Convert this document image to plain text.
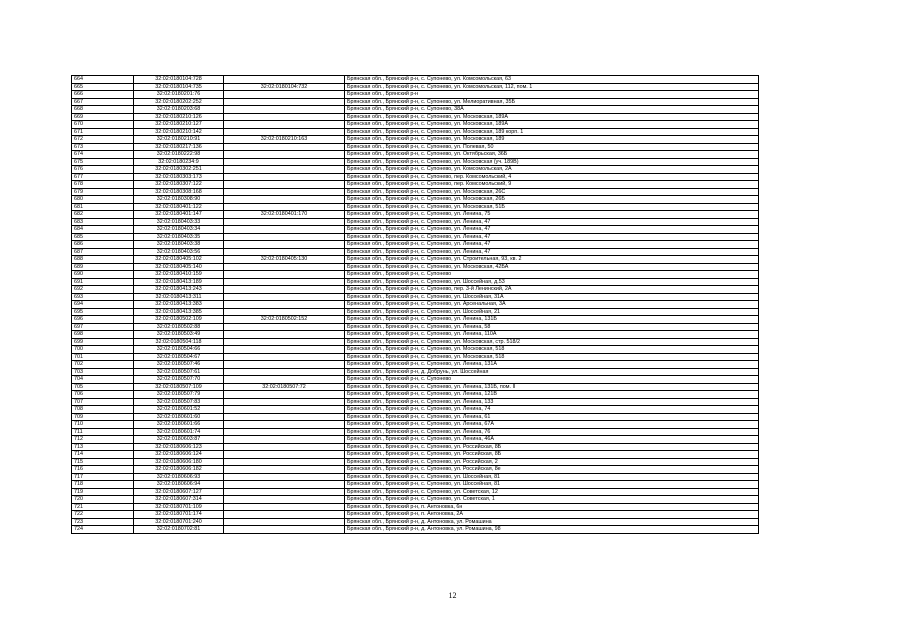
664	32:02:0180104:728		Брянская обл., Брянский р-н, с. Супонево, ул. Комсомольская, 63
665	32:02:0180104:735	32:02:0180104:732	Брянская обл., Брянский р-н, с. Супонево, ул. Комсомольская, 112, пом. 1
666	32:02:0180201:76		Брянская обл., Брянский р-н
667	32:02:0180202:252		Брянская обл., Брянский р-н, с. Супонево, ул. Мелиоративная, 35Б
668	32:02:0180203:68		Брянская обл., Брянский р-н, с. Супонево, 38А
669	32:02:0180210:126		Брянская обл., Брянский р-н, с. Супонево, ул. Московская, 189А
670	32:02:0180210:127		Брянская обл., Брянский р-н, с. Супонево, ул. Московская, 189А
671	32:02:0180210:142		Брянская обл., Брянский р-н, с. Супонево, ул. Московская, 189 корп. 1
672	32:02:0180210:91	32:02:0180210:163	Брянская обл., Брянский р-н, с. Супонево, ул. Московская, 189
673	32:02:0180217:136		Брянская обл., Брянский р-н, с. Супонево, ул. Полевая, 50
674	32:02:0180222:98		Брянская обл., Брянский р-н, с. Супонево, ул. Октябрьская, 36Б
675	32:02:0180234:9		Брянская обл., Брянский р-н, с. Супонево, ул. Московская (уч. 189В)
676	32:02:0180302:251		Брянская обл., Брянский р-н, с. Супонево, ул. Комсомольская, 2А
677	32:02:0180303:173		Брянская обл., Брянский р-н, с. Супонево, пер. Комсомольский, 4
678	32:02:0180307:122		Брянская обл., Брянский р-н, с. Супонево, пер. Комсомольский, 9
679	32:02:0180308:168		Брянская обл., Брянский р-н, с. Супонево, ул. Московская, 26С
680	32:02:0180308:90		Брянская обл., Брянский р-н, с. Супонево, ул. Московская, 26Б
681	32:02:0180401:122		Брянская обл., Брянский р-н, с. Супонево, ул. Московская, 51Б
682	32:02:0180401:147	32:02:0180401:170	Брянская обл., Брянский р-н, с. Супонево, ул. Ленина, 75
683	32:02:0180403:33		Брянская обл., Брянский р-н, с. Супонево, ул. Ленина, 47
684	32:02:0180403:34		Брянская обл., Брянский р-н, с. Супонево, ул. Ленина, 47
685	32:02:0180403:35		Брянская обл., Брянский р-н, с. Супонево, ул. Ленина, 47
686	32:02:0180403:38		Брянская обл., Брянский р-н, с. Супонево, ул. Ленина, 47
687	32:02:0180403:56		Брянская обл., Брянский р-н, с. Супонево, ул. Ленина, 47
688	32:02:0180405:102	32:02:0180405:130	Брянская обл., Брянский р-н, с. Супонево, ул. Строительная, 93, кв. 2
689	32:02:0180405:140		Брянская обл., Брянский р-н, с. Супонево, ул. Московская, 42БА
690	32:02:0180410:159		Брянская обл., Брянский р-н, с. Супонево
691	32:02:0180413:189		Брянская обл., Брянский р-н, с. Супонево, ул. Шоссейная, д.53
692	32:02:0180413:243		Брянская обл., Брянский р-н, с. Супонево, пер. 3-й Ленинский, 2А
693	32:02:0180413:311		Брянская обл., Брянский р-н, с. Супонево, ул. Шоссейная, 31А
694	32:02:0180413:383		Брянская обл., Брянский р-н, с. Супонево, ул. Арсенальная, 3А
695	32:02:0180413:385		Брянская обл., Брянский р-н, с. Супонево, ул. Шоссейная, 21
696	32:02:0180502:109	32:02:0180502:152	Брянская обл., Брянский р-н, с. Супонево, ул. Ленина, 131Б
697	32:02:0180502:88		Брянская обл., Брянский р-н, с. Супонево, ул. Ленина, 58
698	32:02:0180503:49		Брянская обл., Брянский р-н, с. Супонево, ул. Ленина, 110А
699	32:02:0180504:118		Брянская обл., Брянский р-н, с. Супонево, ул. Московская, стр. 518/2
700	32:02:0180504:66		Брянская обл., Брянский р-н, с. Супонево, ул. Московская, 518
701	32:02:0180504:67		Брянская обл., Брянский р-н, с. Супонево, ул. Московская, 518
702	32:02:0180507:46		Брянская обл., Брянский р-н, с. Супонево, ул. Ленина, 131А
703	32:02:0180507:61		Брянская обл., Брянский р-н, д. Добрунь, ул. Шоссейная
704	32:02:0180507:70		Брянская обл., Брянский р-н, с. Супонево
705	32:02:0180507:109	32:02:0180507:72	Брянская обл., Брянский р-н, с. Супонево, ул. Ленина, 131Б, пом. II
706	32:02:0180507:79		Брянская обл., Брянский р-н, с. Супонево, ул. Ленина, 121В
707	32:02:0180507:83		Брянская обл., Брянский р-н, с. Супонево, ул. Ленина, 133
708	32:02:0180601:52		Брянская обл., Брянский р-н, с. Супонево, ул. Ленина, 74
709	32:02:0180601:60		Брянская обл., Брянский р-н, с. Супонево, ул. Ленина, 61
710	32:02:0180601:66		Брянская обл., Брянский р-н, с. Супонево, ул. Ленина, 67А
711	32:02:0180601:74		Брянская обл., Брянский р-н, с. Супонево, ул. Ленина, 76
712	32:02:0180603:87		Брянская обл., Брянский р-н, с. Супонево, ул. Ленина, 46А
713	32:02:0180606:123		Брянская обл., Брянский р-н, с. Супонево, ул. Российская, 8Б
714	32:02:0180606:124		Брянская обл., Брянский р-н, с. Супонево, ул. Российская, 8Б
715	32:02:0180606:180		Брянская обл., Брянский р-н, с. Супонево, ул. Российская, 2
716	32:02:0180606:182		Брянская обл., Брянский р-н, с. Супонево, ул. Российская, 8е
717	32:02:0180606:93		Брянская обл., Брянский р-н, с. Супонево, ул. Шоссейная, 81
718	32:02:0180606:94		Брянская обл., Брянский р-н, с. Супонево, ул. Шоссейная, 81
719	32:02:0180607:127		Брянская обл., Брянский р-н, с. Супонево, ул. Советская, 12
720	32:02:0180607:314		Брянская обл., Брянский р-н, с. Супонево, ул. Советская, 1
721	32:02:0180701:109		Брянская обл., Брянский р-н, п. Антоновка, 6н
722	32:02:0180701:174		Брянская обл., Брянский р-н, п. Антоновка, 2А
723	32:02:0180701:240		Брянская обл., Брянский р-н, д. Антоновка, ул. Ромашина
724	32:02:0180702:81		Брянская обл., Брянский р-н, д. Антоновка, ул. Ромашина, 98
12
